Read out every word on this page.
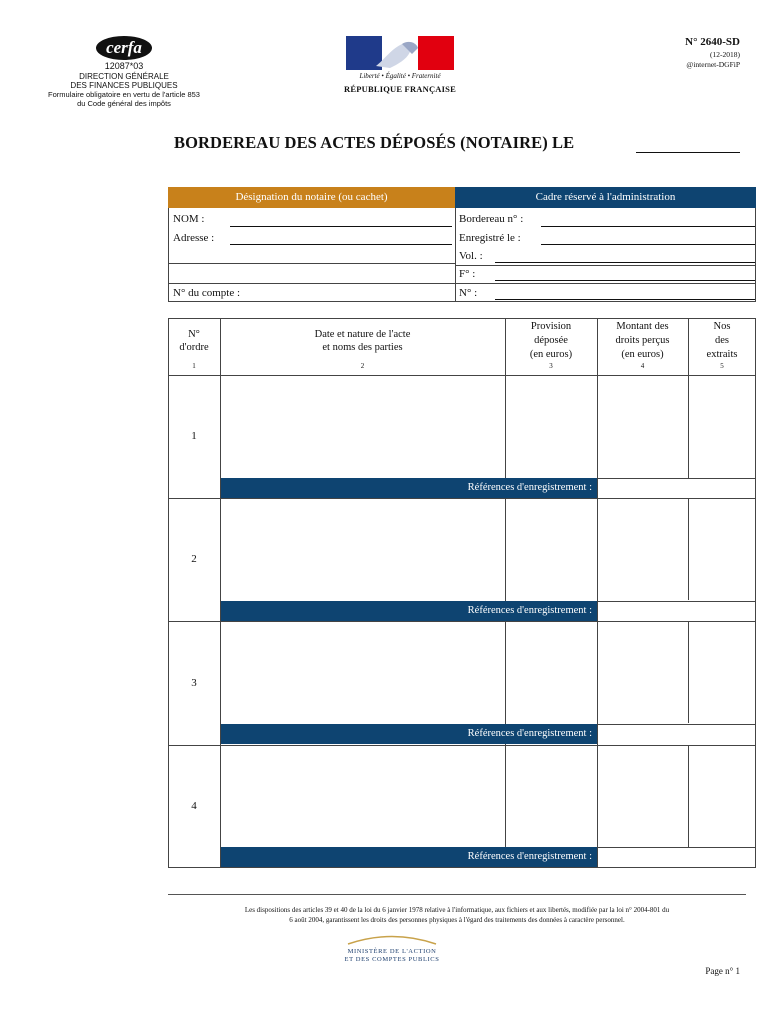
cerfa
12087*03
DIRECTION GÉNÉRALE
DES FINANCES PUBLIQUES
Formulaire obligatoire en vertu de l'article 853
du Code général des impôts
Liberté • Égalité • Fraternité
RÉPUBLIQUE FRANÇAISE
N° 2640-SD
(12-2018)
@internet-DGFiP
BORDEREAU DES ACTES DÉPOSÉS (NOTAIRE) LE
Désignation du notaire (ou cachet)	Cadre réservé à l'administration
NOM :
Adresse :
N° du compte :
Bordereau n° :
Enregistré le :
Vol. :
F° :
N° :
N°
d'ordre
1
Date et nature de l'acte
et noms des parties
2
Provision
déposée
(en euros)
3
Montant des
droits perçus
(en euros)
4
Nos
des
extraits
5
1
Références d'enregistrement :
2
Références d'enregistrement :
3
Références d'enregistrement :
4
Références d'enregistrement :
Les dispositions des articles 39 et 40 de la loi du 6 janvier 1978 relative à l'informatique, aux fichiers et aux libertés, modifiée par la loi n° 2004-801 du
6 août 2004, garantissent les droits des personnes physiques à l'égard des traitements des données à caractère personnel.
MINISTÈRE DE L'ACTION
ET DES COMPTES PUBLICS
Page n° 1
